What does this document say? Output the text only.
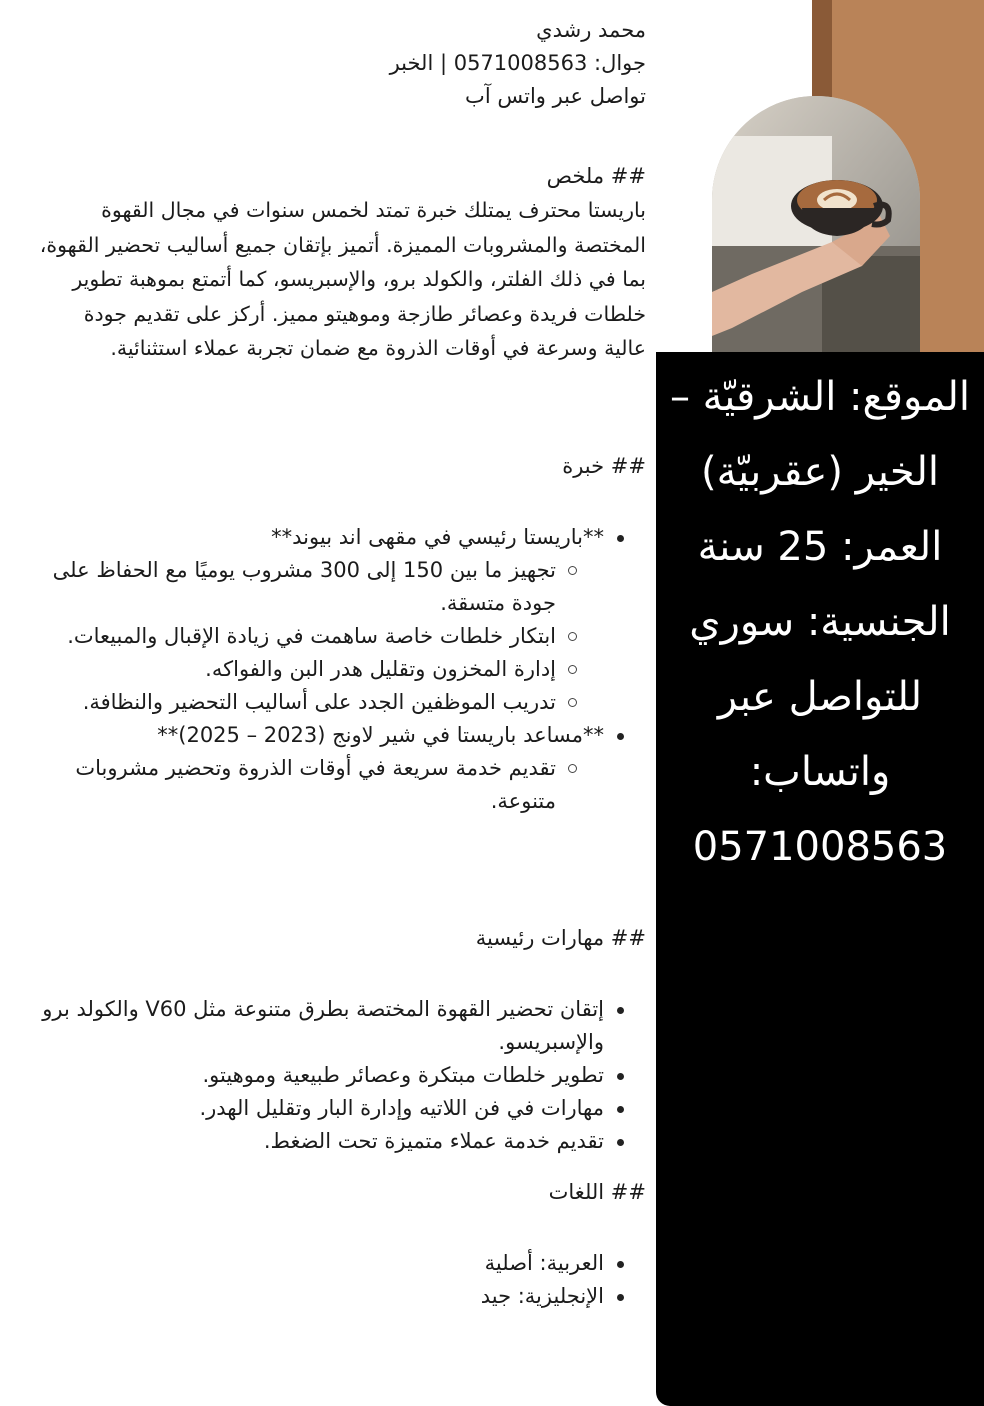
محمد رشدي
جوال: 0571008563 | الخبر
تواصل عبر واتس آب
## ملخص
باريستا محترف يمتلك خبرة تمتد لخمس سنوات في مجال القهوة المختصة والمشروبات المميزة. أتميز بإتقان جميع أساليب تحضير القهوة، بما في ذلك الفلتر، والكولد برو، والإسبريسو، كما أتمتع بموهبة تطوير خلطات فريدة وعصائر طازجة وموهيتو مميز. أركز على تقديم جودة عالية وسرعة في أوقات الذروة مع ضمان تجربة عملاء استثنائية.
## خبرة
**باريستا رئيسي في مقهى اند بيوند**
تجهيز ما بين 150 إلى 300 مشروب يوميًا مع الحفاظ على جودة متسقة.
ابتكار خلطات خاصة ساهمت في زيادة الإقبال والمبيعات.
إدارة المخزون وتقليل هدر البن والفواكه.
تدريب الموظفين الجدد على أساليب التحضير والنظافة.
**مساعد باريستا في شير لاونج (2023 – 2025)**
تقديم خدمة سريعة في أوقات الذروة وتحضير مشروبات متنوعة.
## مهارات رئيسية
إتقان تحضير القهوة المختصة بطرق متنوعة مثل V60 والكولد برو والإسبريسو.
تطوير خلطات مبتكرة وعصائر طبيعية وموهيتو.
مهارات في فن اللاتيه وإدارة البار وتقليل الهدر.
تقديم خدمة عملاء متميزة تحت الضغط.
## اللغات
العربية: أصلية
الإنجليزية: جيد
الموقع: الشرقيّة – الخير (عقربيّة)
العمر: 25 سنة
الجنسية: سوري
للتواصل عبر واتساب:
0571008563
